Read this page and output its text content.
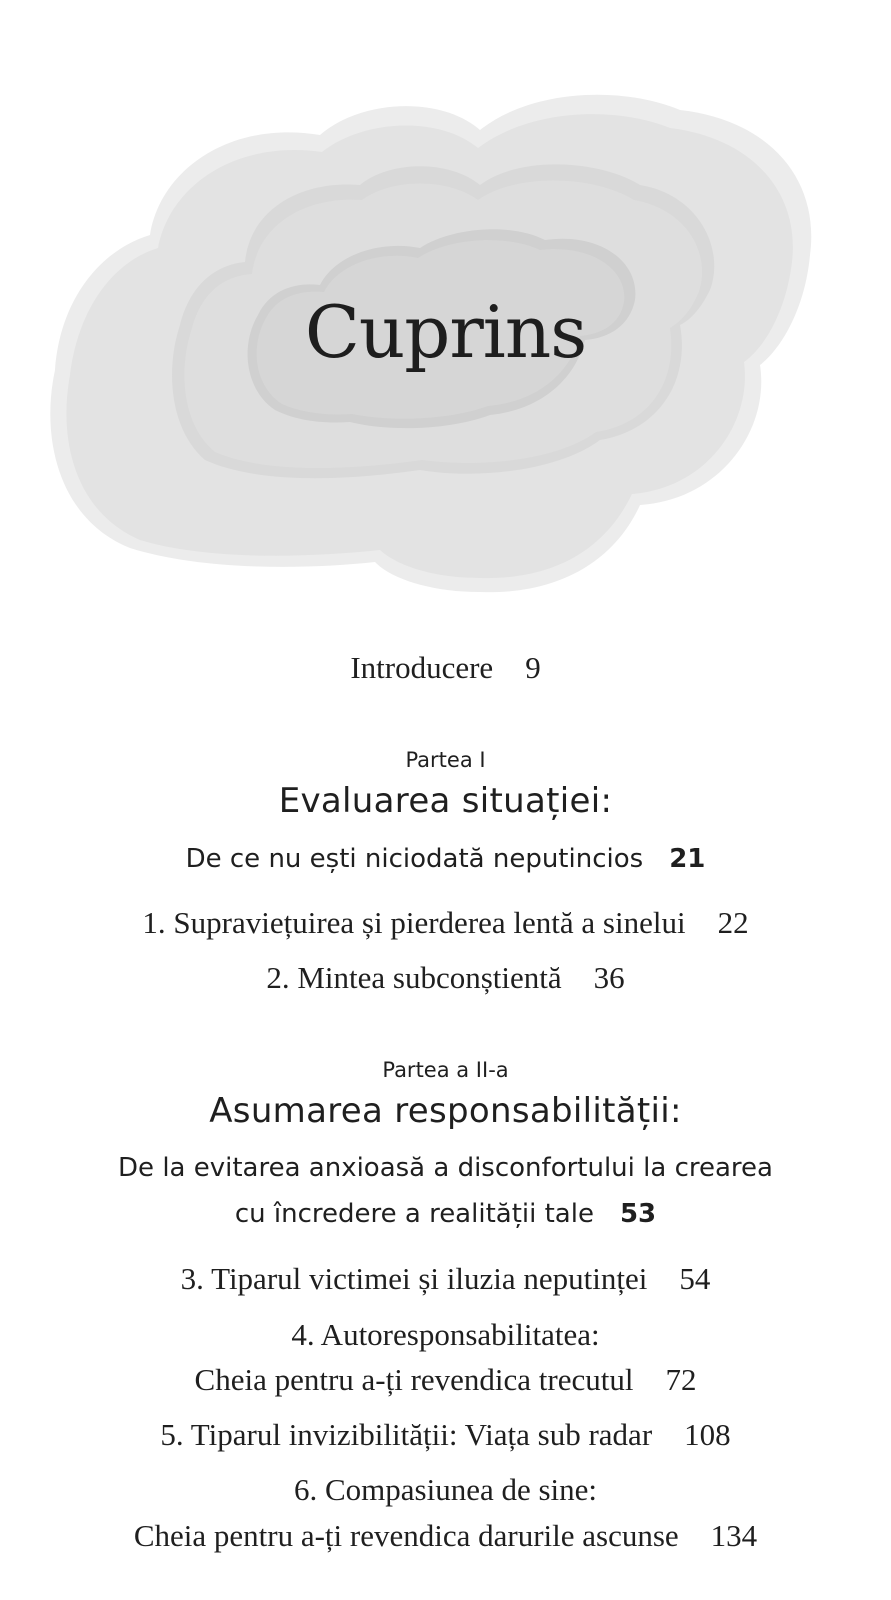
Cuprins
Introducere 9
Partea I
Evaluarea situației:
De ce nu ești niciodată neputincios 21
1. Supraviețuirea și pierderea lentă a sinelui 22
2. Mintea subconștientă 36
Partea a II-a
Asumarea responsabilității:
De la evitarea anxioasă a disconfortului la crearea
cu încredere a realității tale 53
3. Tiparul victimei și iluzia neputinței 54
4. Autoresponsabilitatea:
Cheia pentru a-ți revendica trecutul 72
5. Tiparul invizibilității: Viața sub radar 108
6. Compasiunea de sine:
Cheia pentru a-ți revendica darurile ascunse 134
